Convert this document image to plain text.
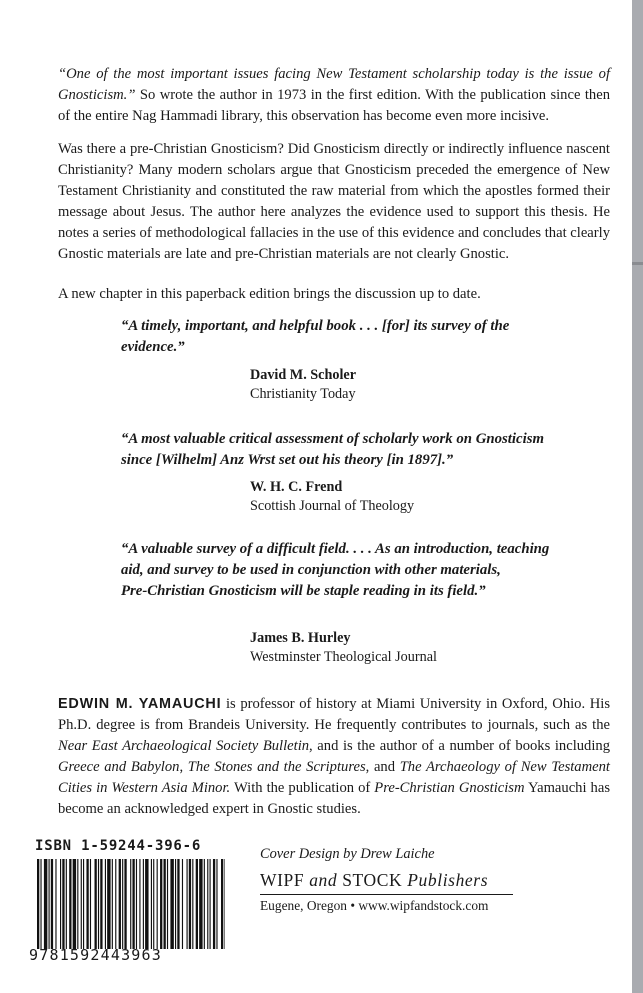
“One of the most important issues facing New Testament scholarship today is the issue of Gnosticism.” So wrote the author in 1973 in the first edition. With the publication since then of the entire Nag Hammadi library, this observation has become even more incisive.

Was there a pre-Christian Gnosticism? Did Gnosticism directly or indirectly influence nascent Christianity? Many modern scholars argue that Gnosticism preceded the emergence of New Testament Christianity and constituted the raw material from which the apostles formed their message about Jesus. The author here analyzes the evidence used to support this thesis. He notes a series of methodological fallacies in the use of this evidence and concludes that clearly Gnostic materials are late and pre-Christian materials are not clearly Gnostic.

A new chapter in this paperback edition brings the discussion up to date.

“A timely, important, and helpful book . . . [for] its survey of the evidence.”

David M. Scholer
Christianity Today

“A most valuable critical assessment of scholarly work on Gnosticism since [Wilhelm] Anz Wrst set out his theory [in 1897].”

W. H. C. Frend
Scottish Journal of Theology
“A valuable survey of a difficult field. . . . As an introduction, teaching aid, and survey to be used in conjunction with other materials,
Pre-Christian Gnosticism will be staple reading in its field.”
James B. Hurley
Westminster Theological Journal

EDWIN M. YAMAUCHI is professor of history at Miami University in Oxford, Ohio. His Ph.D. degree is from Brandeis University. He frequently contributes to journals, such as the Near East Archaeological Society Bulletin, and is the author of a number of books including Greece and Babylon, The Stones and the Scriptures, and The Archaeology of New Testament Cities in Western Asia Minor. With the publication of Pre-Christian Gnosticism Yamauchi has become an acknowledged expert in Gnostic studies.

ISBN 1-59244-396-6
9781592443963
Cover Design by Drew Laiche
WIPF and STOCK Publishers
Eugene, Oregon • www.wipfandstock.com
